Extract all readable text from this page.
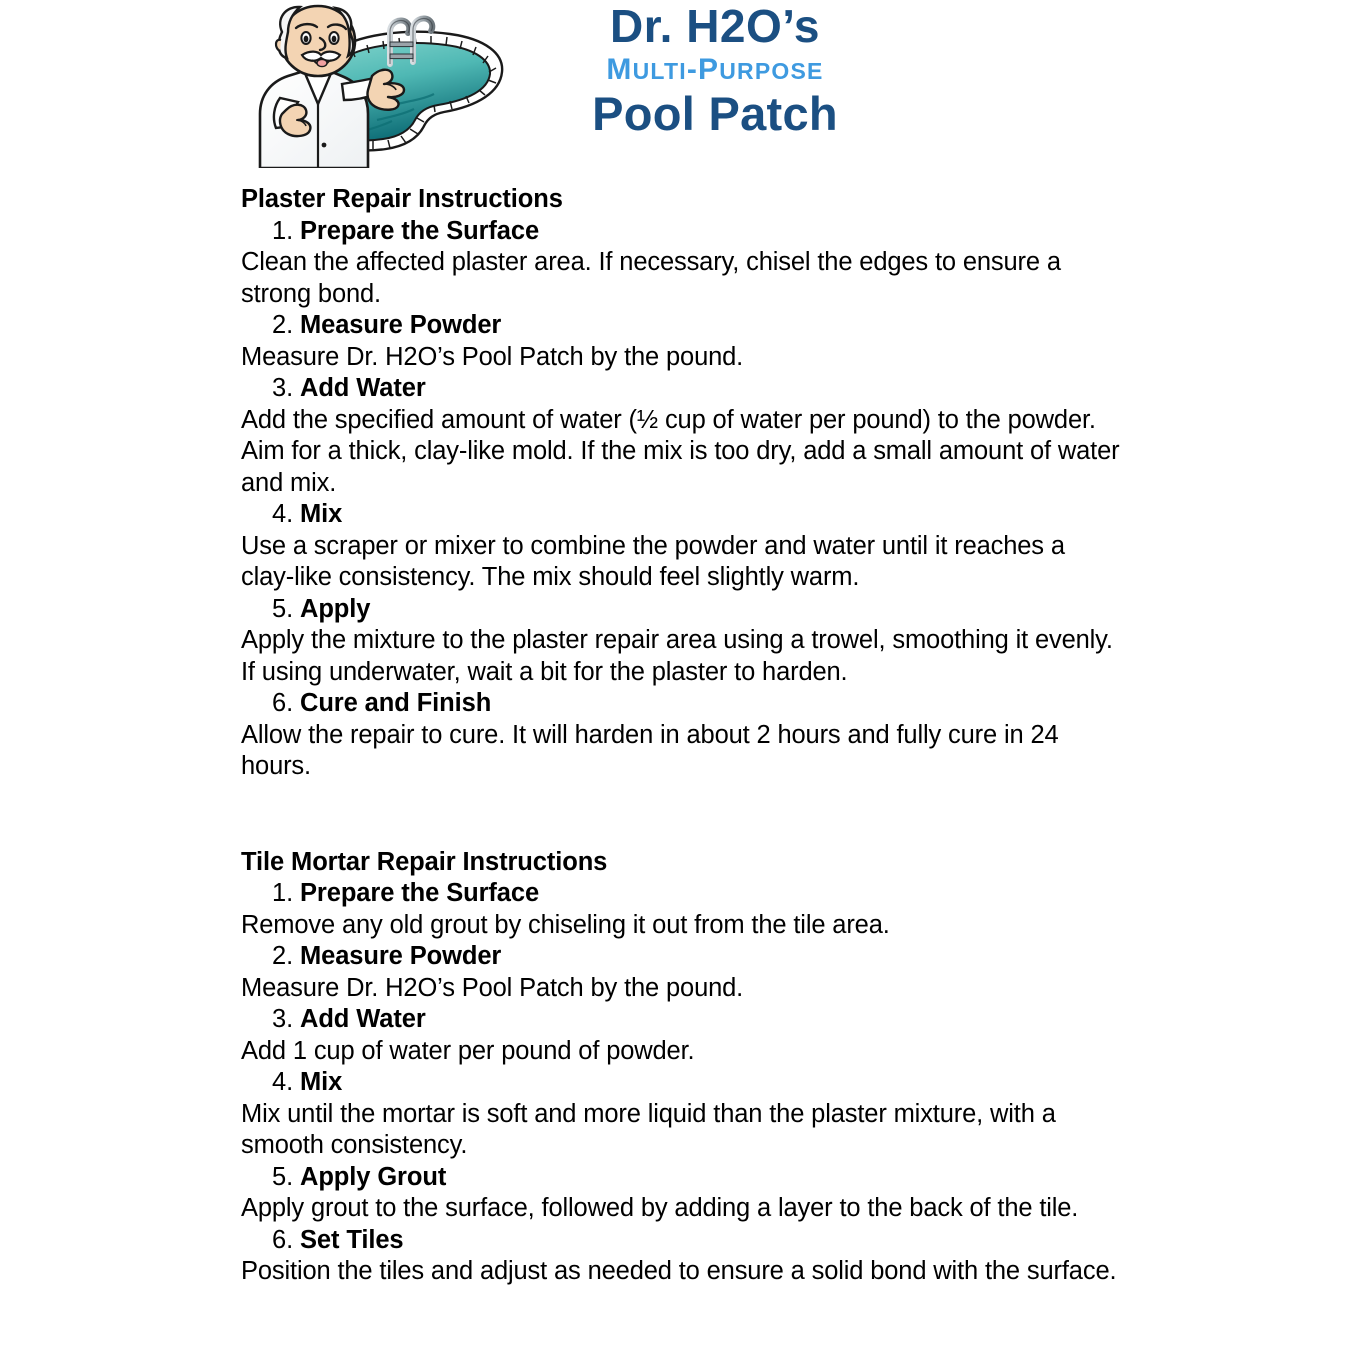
Dr. H2O’s
MULTI-PURPOSE
Pool Patch
Plaster Repair Instructions
1. Prepare the Surface
Clean the affected plaster area. If necessary, chisel the edges to ensure a strong bond.
2. Measure Powder
Measure Dr. H2O’s Pool Patch by the pound.
3. Add Water
Add the specified amount of water (½ cup of water per pound) to the powder. Aim for a thick, clay-like mold. If the mix is too dry, add a small amount of water and mix.
4. Mix
Use a scraper or mixer to combine the powder and water until it reaches a clay-like consistency. The mix should feel slightly warm.
5. Apply
Apply the mixture to the plaster repair area using a trowel, smoothing it evenly. If using underwater, wait a bit for the plaster to harden.
6. Cure and Finish
Allow the repair to cure. It will harden in about 2 hours and fully cure in 24 hours.
Tile Mortar Repair Instructions
1. Prepare the Surface
Remove any old grout by chiseling it out from the tile area.
2. Measure Powder
Measure Dr. H2O’s Pool Patch by the pound.
3. Add Water
Add 1 cup of water per pound of powder.
4. Mix
Mix until the mortar is soft and more liquid than the plaster mixture, with a smooth consistency.
5. Apply Grout
Apply grout to the surface, followed by adding a layer to the back of the tile.
6. Set Tiles
Position the tiles and adjust as needed to ensure a solid bond with the surface.
